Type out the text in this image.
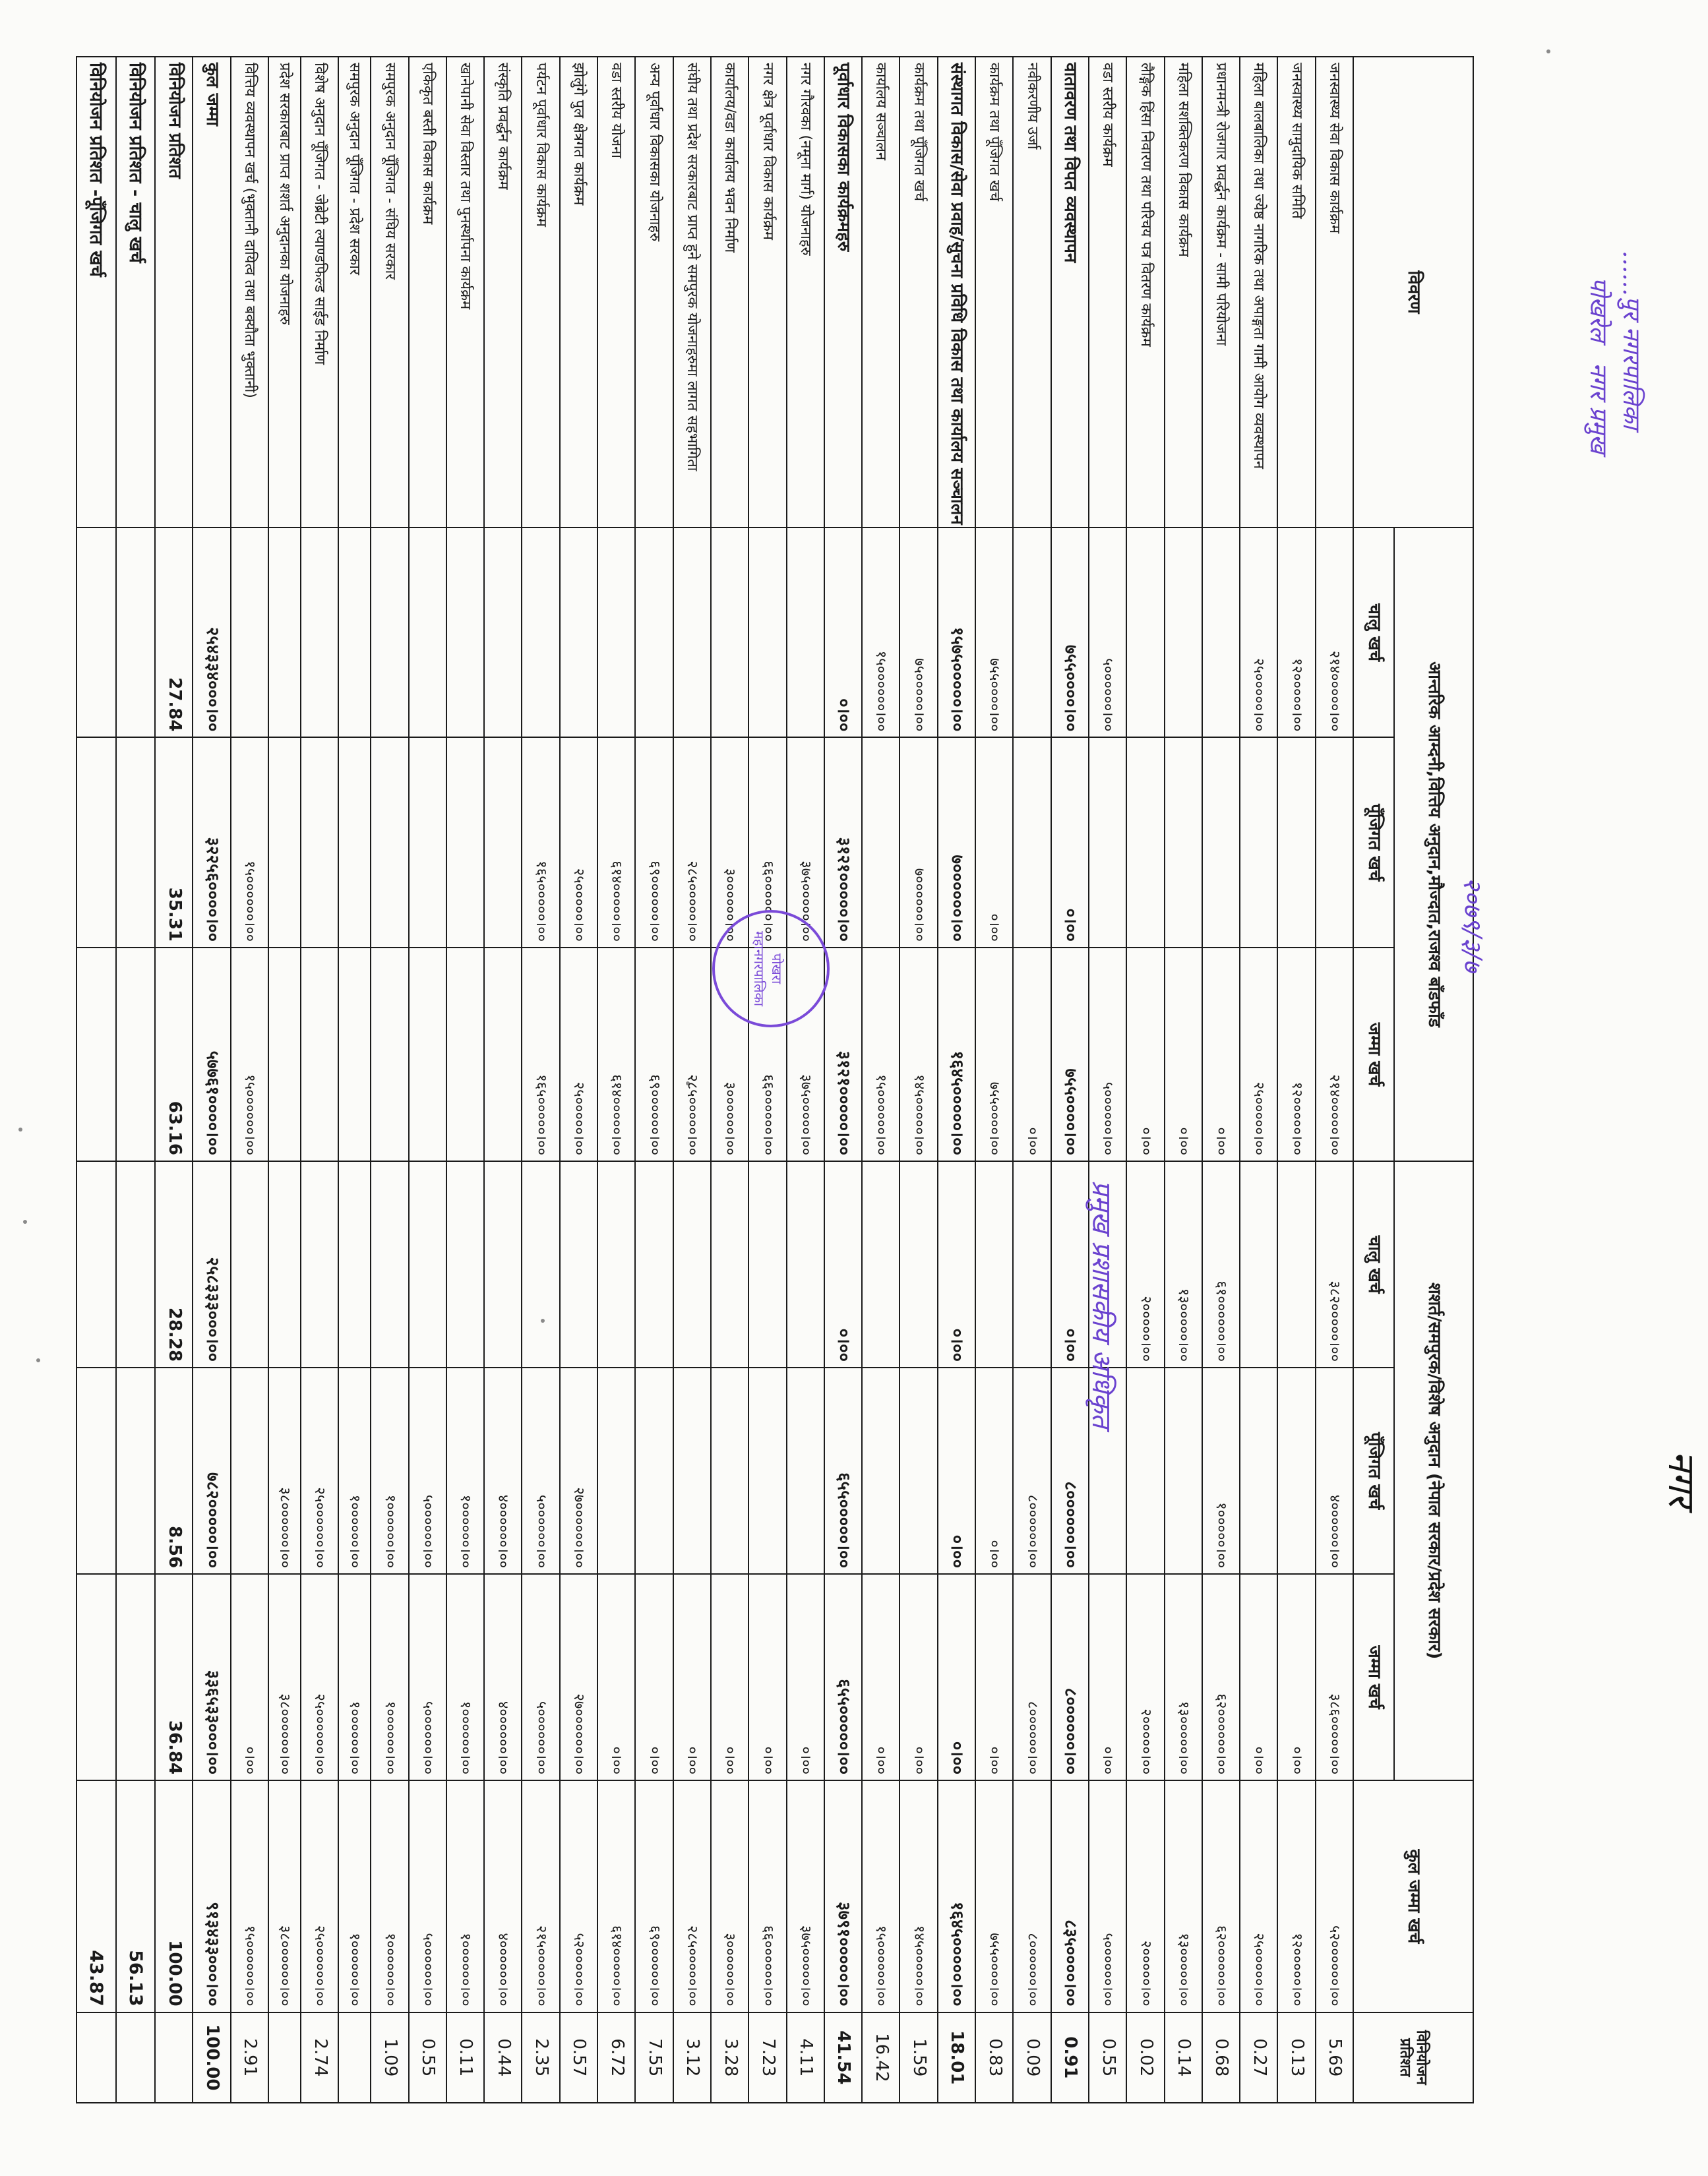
विवरण	आन्तरिक आम्दनी,वित्तिय अनुदान,मौज्दात,राजश्व बाँडफाँड			शशर्त/समपुरक/विशेष अनुदान (नेपाल सरकार/प्रदेश सरकार)			कुल जम्मा खर्च	विनियोजन प्रतिशत
	चालु खर्च	पूँजिगत खर्च	जम्मा खर्च	चालु खर्च	पूँजिगत खर्च	जम्मा खर्च		
जनस्वास्थ्य सेवा विकास कार्यक्रम	२१४०००००।००		२१४०००००।००	३८२०००००।००	४००००००।००	३८६०००००।००	५२००००००।००	5.69
जनस्वास्थ्य सामुदायिक समिति	१२०००००।००		१२०००००।००			०।००	१२०००००।००	0.13
महिला बालबालिका तथा ज्येष्ठ नागरिक तथा अपाङ्गता गामी आयोग व्यवस्थापन	२५०००००।००		२५०००००।००			०।००	२५०००००।००	0.27
प्रधानमन्त्री रोजगार प्रवर्द्धन कार्यक्रम - सामी परियोजना			०।००	६१००००००।००	१०००००।००	६२००००००।००	६२००००००।००	0.68
महिला सशक्तिकरण विकास कार्यक्रम			०।००	१३०००००।००		१३०००००।००	१३०००००।००	0.14
लैङ्गिक हिंसा निवारण तथा परिचय पत्र वितरण कार्यक्रम			०।००	२०००००।००		२०००००।००	२०००००।००	0.02
वडा स्तरीय कार्यक्रम	५००००००।००		५००००००।००			०।००	५००००००।००	0.55
वातावरण तथा विपत व्यवस्थापन	७५५००००।००	०।००	७५५००००।००	०।००	८००००००।००	८००००००।००	८३५००००।००	0.91
नवीकरणीय उर्जा			०।००		८००००००।००	८००००००।००	८००००००।००	0.09
कार्यक्रम तथा पूँजिगत खर्च	७५५००००।००	०।००	७५५००००।००		०।००	०।००	७५५००००।००	0.83
संस्थागत विकास/सेवा प्रवाह/सुचना प्रविधि विकास तथा कार्यालय सञ्चालन	१५७५०००००।००	७००००००।००	१६४५०००००।००	०।००	०।००	०।००	१६४५०००००।००	18.01
कार्यक्रम तथा पूँजिगत खर्च	७५०००००।००	७००००००।००	१४५०००००।००			०।००	१४५०००००।००	1.59
कार्यालय सञ्चालन	१५००००००।००		१५००००००।००			०।००	१५००००००।००	16.42
पूर्वाधार विकासका कार्यक्रमहरु	०।००	३१२१०००००।००	३१२१०००००।००	०।००	६५५०००००।००	६५५०००००।००	३७९१०००००।००	41.54
नगर गौरवका (नमूना मार्ग) योजनाहरु		३७५०००००।००	३७५०००००।००			०।००	३७५०००००।००	4.11
नगर क्षेत्र पूर्वाधार विकास कार्यक्रम		६६००००००।००	६६००००००।००			०।००	६६००००००।००	7.23
कार्यालय/वडा कार्यालय भवन निर्माण		३००००००।००	३००००००।००			०।००	३००००००।००	3.28
संघीय तथा प्रदेश सरकारबाट प्राप्त हुने समपुरक योजनाहरुमा लागत सहभागिता		२८५०००००।००	२८५०००००।००			०।००	२८५०००००।००	3.12
अन्य पूर्वाधार विकासका योजनाहरु		६९००००००।००	६९००००००।००			०।००	६९००००००।००	7.55
वडा स्तरीय योजना		६१४०००००।००	६१४०००००।००			०।००	६१४०००००।००	6.72
झोलुंगे पुल क्षेत्रगत कार्यक्रम		२५०००००।००	२५०००००।००		२७००००००।००	२७००००००।००	५२०००००।००	0.57
पर्यटन पूर्वाधार विकास कार्यक्रम		१६५०००००।००	१६५०००००।००		५००००००।००	५००००००।००	२१५०००००।००	2.35
संस्कृति प्रवर्द्धन कार्यक्रम					४००००००।००	४००००००।००	४००००००।००	0.44
खानेपानी सेवा विस्तार तथा पुनर्स्थापना कार्यक्रम					१००००००।००	१००००००।००	१००००००।००	0.11
एकिकृत बस्ती विकास कार्यक्रम					५००००००।००	५००००००।००	५००००००।००	0.55
समपुरक अनुदान पूँजिगत - संघिय सरकार					१००००००।००	१००००००।००	१००००००।००	1.09
समपुरक अनुदान पूँजिगत - प्रदेश सरकार					१००००००।००	१००००००।००	१००००००।००	
विशेष अनुदान पूँजिगत - जेब्रेटी ल्याण्डफिल्ड साईड निर्माण					२५००००००।००	२५००००००।००	२५००००००।००	2.74
प्रदेश सरकारबाट प्राप्त शशर्त अनुदानका योजनाहरु					३८००००००।००	३८००००००।००	३८००००००।००	
वित्तिय व्यवस्थापन खर्च (भुक्तानी दायित्व तथा बक्यौता भुक्तानी)		१५००००००।००	१५००००००।००			०।००	१५००००००।००	2.91
कुल जम्मा	२५४३३४०००।००	३२२५६००००।००	५७७६१००००।००	२५८३३३०००।००	७८२०००००।००	३३६५३३०००।००	९१३४३३०००।००	100.00
विनियोजन प्रतिशत	27.84	35.31	63.16	28.28	8.56	36.84	100.00	
विनियोजन प्रतिशत - चालु खर्च							56.13	
विनियोजन प्रतिशत -पूँजिगत खर्च							43.87	
पोखरा महानगरपालिका
प्रमुख प्रशासकीय अधिकृत
२०७९/३/७
पोखरेल नगर प्रमुख ......पुर नगरपालिका
नगर
